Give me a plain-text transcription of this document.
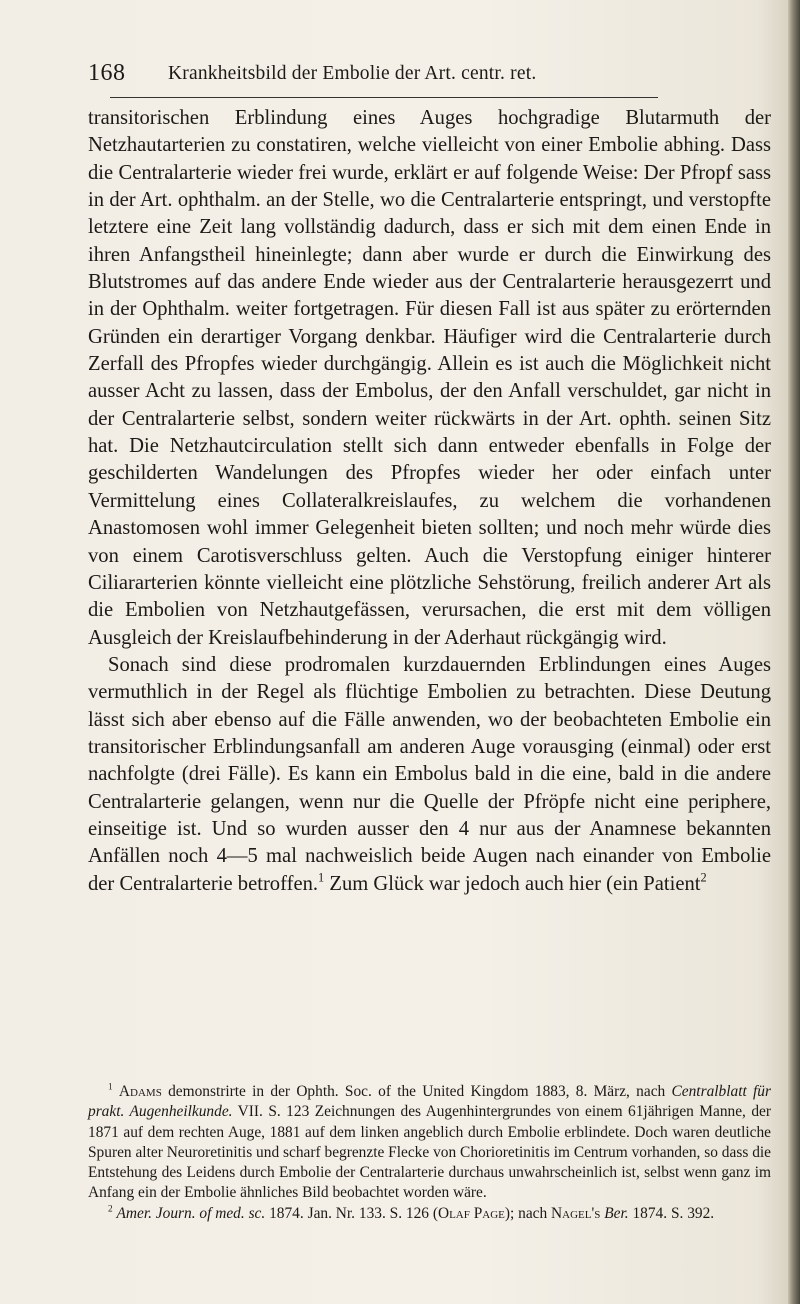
168 Krankheitsbild der Embolie der Art. centr. ret.

transitorischen Erblindung eines Auges hochgradige Blutarmuth der Netzhautarterien zu constatiren, welche vielleicht von einer Embolie abhing. Dass die Centralarterie wieder frei wurde, erklärt er auf folgende Weise: Der Pfropf sass in der Art. ophthalm. an der Stelle, wo die Centralarterie entspringt, und verstopfte letztere eine Zeit lang vollständig dadurch, dass er sich mit dem einen Ende in ihren Anfangstheil hineinlegte; dann aber wurde er durch die Einwirkung des Blutstromes auf das andere Ende wieder aus der Centralarterie herausgezerrt und in der Ophthalm. weiter fortgetragen. Für diesen Fall ist aus später zu erörternden Gründen ein derartiger Vorgang denkbar. Häufiger wird die Centralarterie durch Zerfall des Pfropfes wieder durchgängig. Allein es ist auch die Möglichkeit nicht ausser Acht zu lassen, dass der Embolus, der den Anfall verschuldet, gar nicht in der Centralarterie selbst, sondern weiter rückwärts in der Art. ophth. seinen Sitz hat. Die Netzhautcirculation stellt sich dann entweder ebenfalls in Folge der geschilderten Wandelungen des Pfropfes wieder her oder einfach unter Vermittelung eines Collateralkreislaufes, zu welchem die vorhandenen Anastomosen wohl immer Gelegenheit bieten sollten; und noch mehr würde dies von einem Carotisverschluss gelten. Auch die Verstopfung einiger hinterer Ciliararterien könnte vielleicht eine plötzliche Sehstörung, freilich anderer Art als die Embolien von Netzhautgefässen, verursachen, die erst mit dem völligen Ausgleich der Kreislaufbehinderung in der Aderhaut rückgängig wird.

Sonach sind diese prodromalen kurzdauernden Erblindungen eines Auges vermuthlich in der Regel als flüchtige Embolien zu betrachten. Diese Deutung lässt sich aber ebenso auf die Fälle anwenden, wo der beobachteten Embolie ein transitorischer Erblindungsanfall am anderen Auge vorausging (einmal) oder erst nachfolgte (drei Fälle). Es kann ein Embolus bald in die eine, bald in die andere Centralarterie gelangen, wenn nur die Quelle der Pfröpfe nicht eine periphere, einseitige ist. Und so wurden ausser den 4 nur aus der Anamnese bekannten Anfällen noch 4—5 mal nachweislich beide Augen nach einander von Embolie der Centralarterie betroffen.$^1$ Zum Glück war jedoch auch hier (ein Patient$^2$

$^1$ Adams demonstrirte in der Ophth. Soc. of the United Kingdom 1883, 8. März, nach Centralblatt für prakt. Augenheilkunde. VII. S. 123 Zeichnungen des Augenhintergrundes von einem 61jährigen Manne, der 1871 auf dem rechten Auge, 1881 auf dem linken angeblich durch Embolie erblindete. Doch waren deutliche Spuren alter Neuroretinitis und scharf begrenzte Flecke von Chorioretinitis im Centrum vorhanden, so dass die Entstehung des Leidens durch Embolie der Centralarterie durchaus unwahrscheinlich ist, selbst wenn ganz im Anfang ein der Embolie ähnliches Bild beobachtet worden wäre.

$^2$ Amer. Journ. of med. sc. 1874. Jan. Nr. 133. S. 126 (Olaf Page); nach Nagel's Ber. 1874. S. 392.
